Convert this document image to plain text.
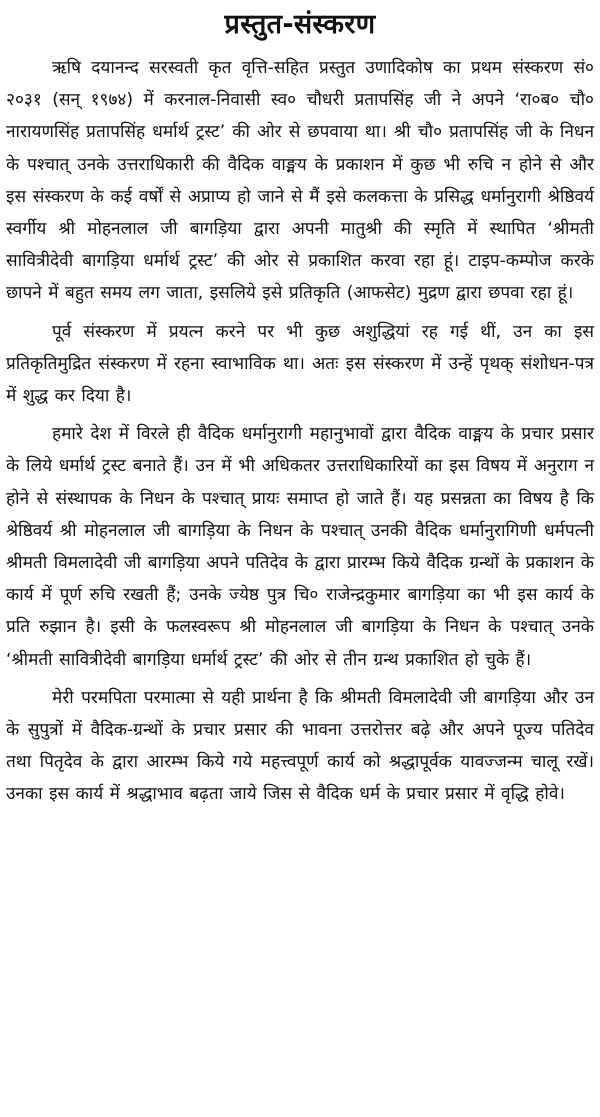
प्रस्तुत-संस्करण

ऋषि दयानन्द सरस्वती कृत वृत्ति-सहित प्रस्तुत उणादिकोष का प्रथम संस्करण सं० २०३१ (सन् १९७४) में करनाल-निवासी स्व० चौधरी प्रतापसिंह जी ने अपने ‘रा०ब० चौ० नारायणसिंह प्रतापसिंह धर्मार्थ ट्रस्ट’ की ओर से छपवाया था। श्री चौ० प्रतापसिंह जी के निधन के पश्चात् उनके उत्तराधिकारी की वैदिक वाङ्मय के प्रकाशन में कुछ भी रुचि न होने से और इस संस्करण के कई वर्षों से अप्राप्य हो जाने से मैं इसे कलकत्ता के प्रसिद्ध धर्मानुरागी श्रेष्ठिवर्य स्वर्गीय श्री मोहनलाल जी बागड़िया द्वारा अपनी मातुश्री की स्मृति में स्थापित ‘श्रीमती सावित्रीदेवी बागड़िया धर्मार्थ ट्रस्ट’ की ओर से प्रकाशित करवा रहा हूं। टाइप-कम्पोज करके छापने में बहुत समय लग जाता, इसलिये इसे प्रतिकृति (आफसेट) मुद्रण द्वारा छपवा रहा हूं।

पूर्व संस्करण में प्रयत्न करने पर भी कुछ अशुद्धियां रह गई थीं, उन का इस प्रतिकृतिमुद्रित संस्करण में रहना स्वाभाविक था। अतः इस संस्करण में उन्हें पृथक् संशोधन-पत्र में शुद्ध कर दिया है।

हमारे देश में विरले ही वैदिक धर्मानुरागी महानुभावों द्वारा वैदिक वाङ्मय के प्रचार प्रसार के लिये धर्मार्थ ट्रस्ट बनाते हैं। उन में भी अधिकतर उत्तराधिकारियों का इस विषय में अनुराग न होने से संस्थापक के निधन के पश्चात् प्रायः समाप्त हो जाते हैं। यह प्रसन्नता का विषय है कि श्रेष्ठिवर्य श्री मोहनलाल जी बागड़िया के निधन के पश्चात् उनकी वैदिक धर्मानुरागिणी धर्मपत्नी श्रीमती विमलादेवी जी बागड़िया अपने पतिदेव के द्वारा प्रारम्भ किये वैदिक ग्रन्थों के प्रकाशन के कार्य में पूर्ण रुचि रखती हैं; उनके ज्येष्ठ पुत्र चि० राजेन्द्रकुमार बागड़िया का भी इस कार्य के प्रति रुझान है। इसी के फलस्वरूप श्री मोहनलाल जी बागड़िया के निधन के पश्चात् उनके ‘श्रीमती सावित्रीदेवी बागड़िया धर्मार्थ ट्रस्ट’ की ओर से तीन ग्रन्थ प्रकाशित हो चुके हैं।

मेरी परमपिता परमात्मा से यही प्रार्थना है कि श्रीमती विमलादेवी जी बागड़िया और उन के सुपुत्रों में वैदिक-ग्रन्थों के प्रचार प्रसार की भावना उत्तरोत्तर बढ़े और अपने पूज्य पतिदेव तथा पितृदेव के द्वारा आरम्भ किये गये महत्त्वपूर्ण कार्य को श्रद्धापूर्वक यावज्जन्म चालू रखें। उनका इस कार्य में श्रद्धाभाव बढ़ता जाये जिस से वैदिक धर्म के प्रचार प्रसार में वृद्धि होवे।
